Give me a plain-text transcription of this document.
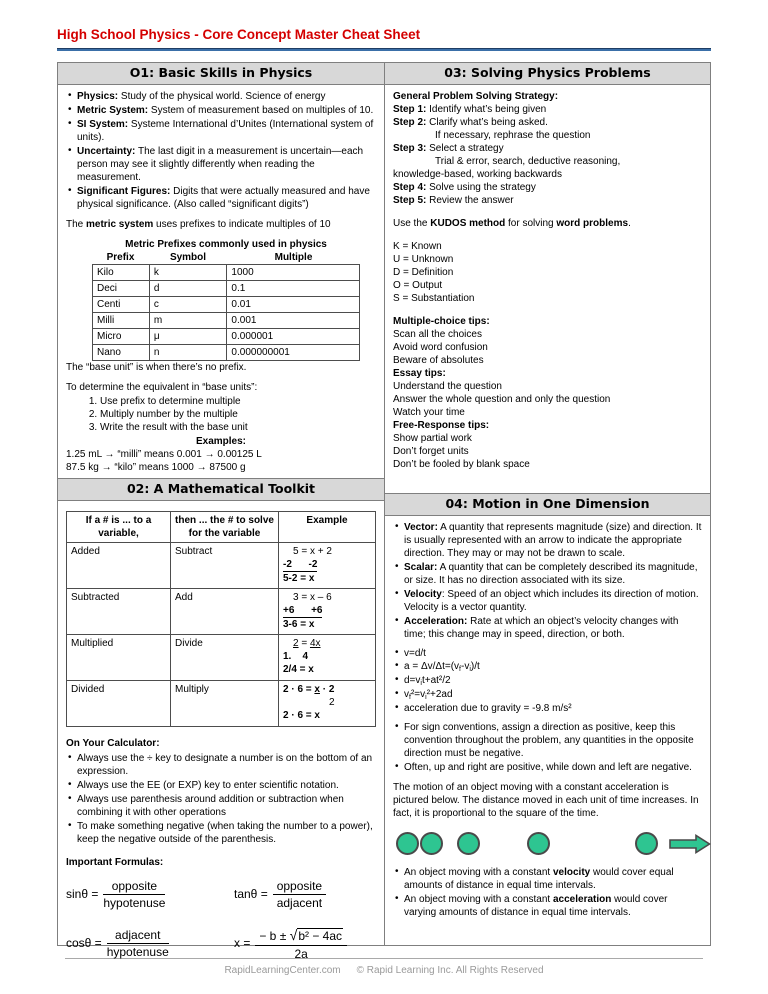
High School Physics - Core Concept Master Cheat Sheet
O1: Basic Skills in Physics
• Physics: Study of the physical world. Science of energy
• Metric System: System of measurement based on multiples of 10.
• SI System: Systeme International d’Unites (International system of units).
• Uncertainty: The last digit in a measurement is uncertain—each person may see it slightly differently when reading the measurement.
• Significant Figures: Digits that were actually measured and have physical significance. (Also called “significant digits”)
The metric system uses prefixes to indicate multiples of 10
Metric Prefixes commonly used in physics
Prefix	Symbol	Multiple
Kilo	k	1000
Deci	d	0.1
Centi	c	0.01
Milli	m	0.001
Micro	μ	0.000001
Nano	n	0.000000001
The “base unit” is when there’s no prefix.
To determine the equivalent in “base units”:
1. Use prefix to determine multiple
2. Multiply number by the multiple
3. Write the result with the base unit
Examples:
1.25 mL → “milli” means 0.001 → 0.00125 L
87.5 kg → “kilo” means 1000 → 87500 g
02: A Mathematical Toolkit
If a # is ... to a variable,	then ... the # to solve for the variable	Example
Added	Subtract	5 = x + 2
-2      -2
5-2 = x

Subtracted	Add	3 = x – 6
+6      +6
3-6 = x

Multiplied	Divide	2 = 4x
1.    4
2/4 = x

Divided	Multiply	2 · 6 = x · 2
2
2 · 6 = x
On Your Calculator:
• Always use the ÷ key to designate a number is on the bottom of an expression.
• Always use the EE (or EXP) key to enter scientific notation.
• Always use parenthesis around addition or subtraction when combining it with other operations
• To make something negative (when taking the number to a power), keep the negative outside of the parenthesis.
Important Formulas:
$\sin\theta = \frac{\text{opposite}}{\text{hypotenuse}}$	$\tan\theta = \frac{\text{opposite}}{\text{adjacent}}$
$\cos\theta = \frac{\text{adjacent}}{\text{hypotenuse}}$	$x = \frac{\text{− b ± √b² − 4ac}}{2a}$
03: Solving Physics Problems
General Problem Solving Strategy:
Step 1: Identify what’s being given
Step 2: Clarify what’s being asked.
If necessary, rephrase the question
Step 3: Select a strategy
Trial & error, search, deductive reasoning,
knowledge-based, working backwards
Step 4: Solve using the strategy
Step 5: Review the answer
Use the KUDOS method for solving word problems.
K = Known
U = Unknown
D = Definition
O = Output
S = Substantiation
Multiple-choice tips:
Scan all the choices
Avoid word confusion
Beware of absolutes
Essay tips:
Understand the question
Answer the whole question and only the question
Watch your time
Free-Response tips:
Show partial work
Don’t forget units
Don’t be fooled by blank space
04: Motion in One Dimension
• Vector: A quantity that represents magnitude (size) and direction. It is usually represented with an arrow to indicate the appropriate direction. They may or may not be drawn to scale.
• Scalar: A quantity that can be completely described its magnitude, or size. It has no direction associated with its size.
• Velocity: Speed of an object which includes its direction of motion. Velocity is a vector quantity.
• Acceleration: Rate at which an object’s velocity changes with time; this change may in speed, direction, or both.
• v=d/t
• $a = \Delta v/\Delta t=(v_f-v_i)/t$
• $d=v_it+at^2/2$
• $v_f^2=v_i^2+2ad$
• acceleration due to gravity = -9.8 m/s²
• For sign conventions, assign a direction as positive, keep this convention throughout the problem, any quantities in the opposite direction must be negative.
• Often, up and right are positive, while down and left are negative.
The motion of an object moving with a constant acceleration is pictured below. The distance moved in each unit of time increases. In fact, it is proportional to the square of the time.
• An object moving with a constant velocity would cover equal amounts of distance in equal time intervals.
• An object moving with a constant acceleration would cover varying amounts of distance in equal time intervals.
RapidLearningCenter.com © Rapid Learning Inc. All Rights Reserved
